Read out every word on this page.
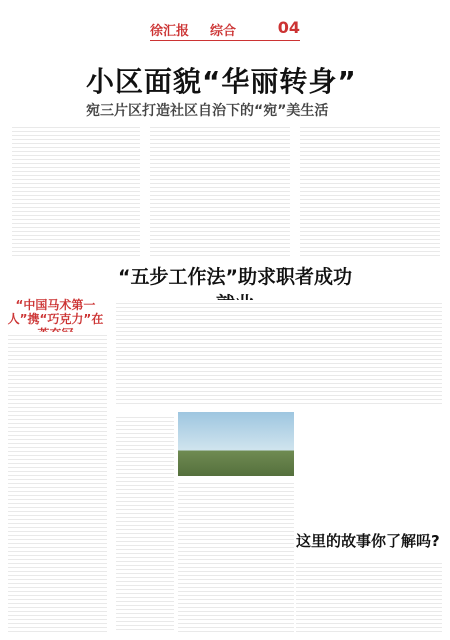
徐汇报 综合	04
小区面貌“华丽转身”
宛三片区打造社区自治下的“宛”美生活
“五步工作法”助求职者成功
“中国马术第一人”携“巧克力”在
这里的故事你了解吗?
